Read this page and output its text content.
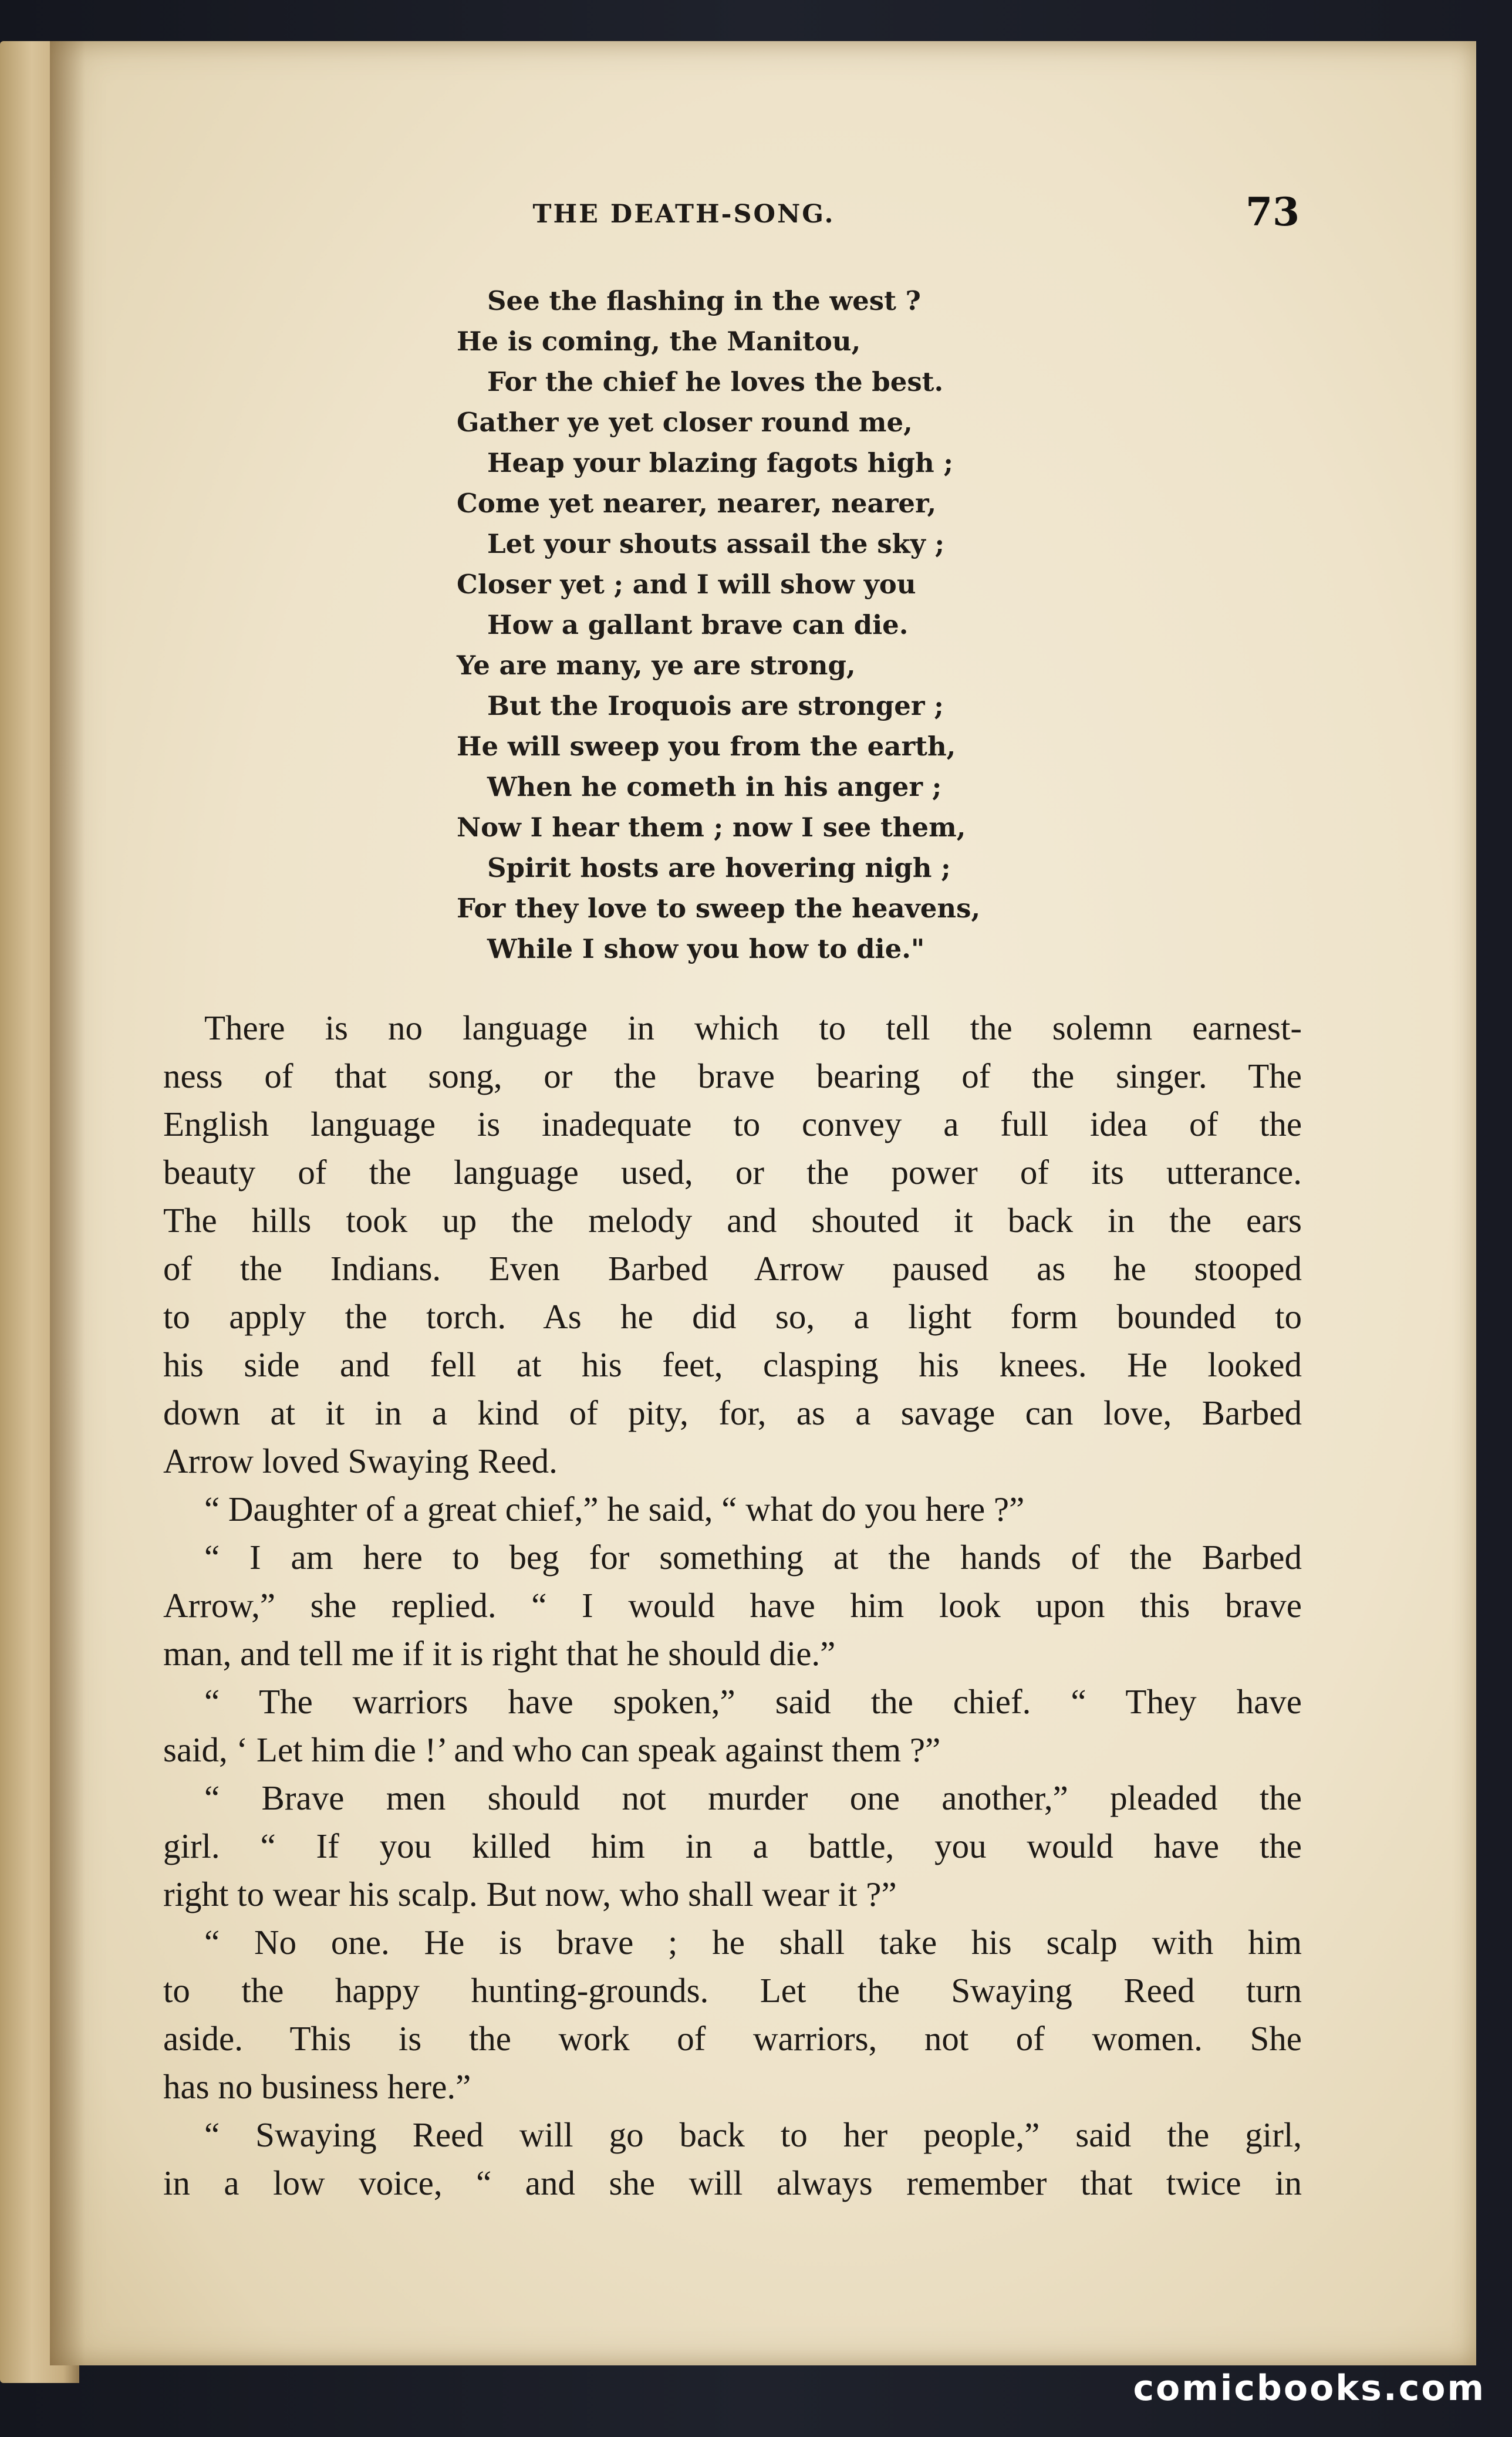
THE DEATH-SONG.	73
See the flashing in the west ?
He is coming, the Manitou,
For the chief he loves the best.
Gather ye yet closer round me,
Heap your blazing fagots high ;
Come yet nearer, nearer, nearer,
Let your shouts assail the sky ;
Closer yet ; and I will show you
How a gallant brave can die.
Ye are many, ye are strong,
But the Iroquois are stronger ;
He will sweep you from the earth,
When he cometh in his anger ;
Now I hear them ; now I see them,
Spirit hosts are hovering nigh ;
For they love to sweep the heavens,
While I show you how to die."
There is no language in which to tell the solemn earnest-
ness of that song, or the brave bearing of the singer. The
English language is inadequate to convey a full idea of the
beauty of the language used, or the power of its utterance.
The hills took up the melody and shouted it back in the ears
of the Indians. Even Barbed Arrow paused as he stooped
to apply the torch. As he did so, a light form bounded to
his side and fell at his feet, clasping his knees. He looked
down at it in a kind of pity, for, as a savage can love, Barbed
Arrow loved Swaying Reed.
“ Daughter of a great chief,” he said, “ what do you here ?”
“ I am here to beg for something at the hands of the Barbed
Arrow,” she replied. “ I would have him look upon this brave
man, and tell me if it is right that he should die.”
“ The warriors have spoken,” said the chief. “ They have
said, ‘ Let him die !’ and who can speak against them ?”
“ Brave men should not murder one another,” pleaded the
girl. “ If you killed him in a battle, you would have the
right to wear his scalp. But now, who shall wear it ?”
“ No one. He is brave ; he shall take his scalp with him
to the happy hunting-grounds. Let the Swaying Reed turn
aside. This is the work of warriors, not of women. She
has no business here.”
“ Swaying Reed will go back to her people,” said the girl,
in a low voice, “ and she will always remember that twice in
comicbooks.com
